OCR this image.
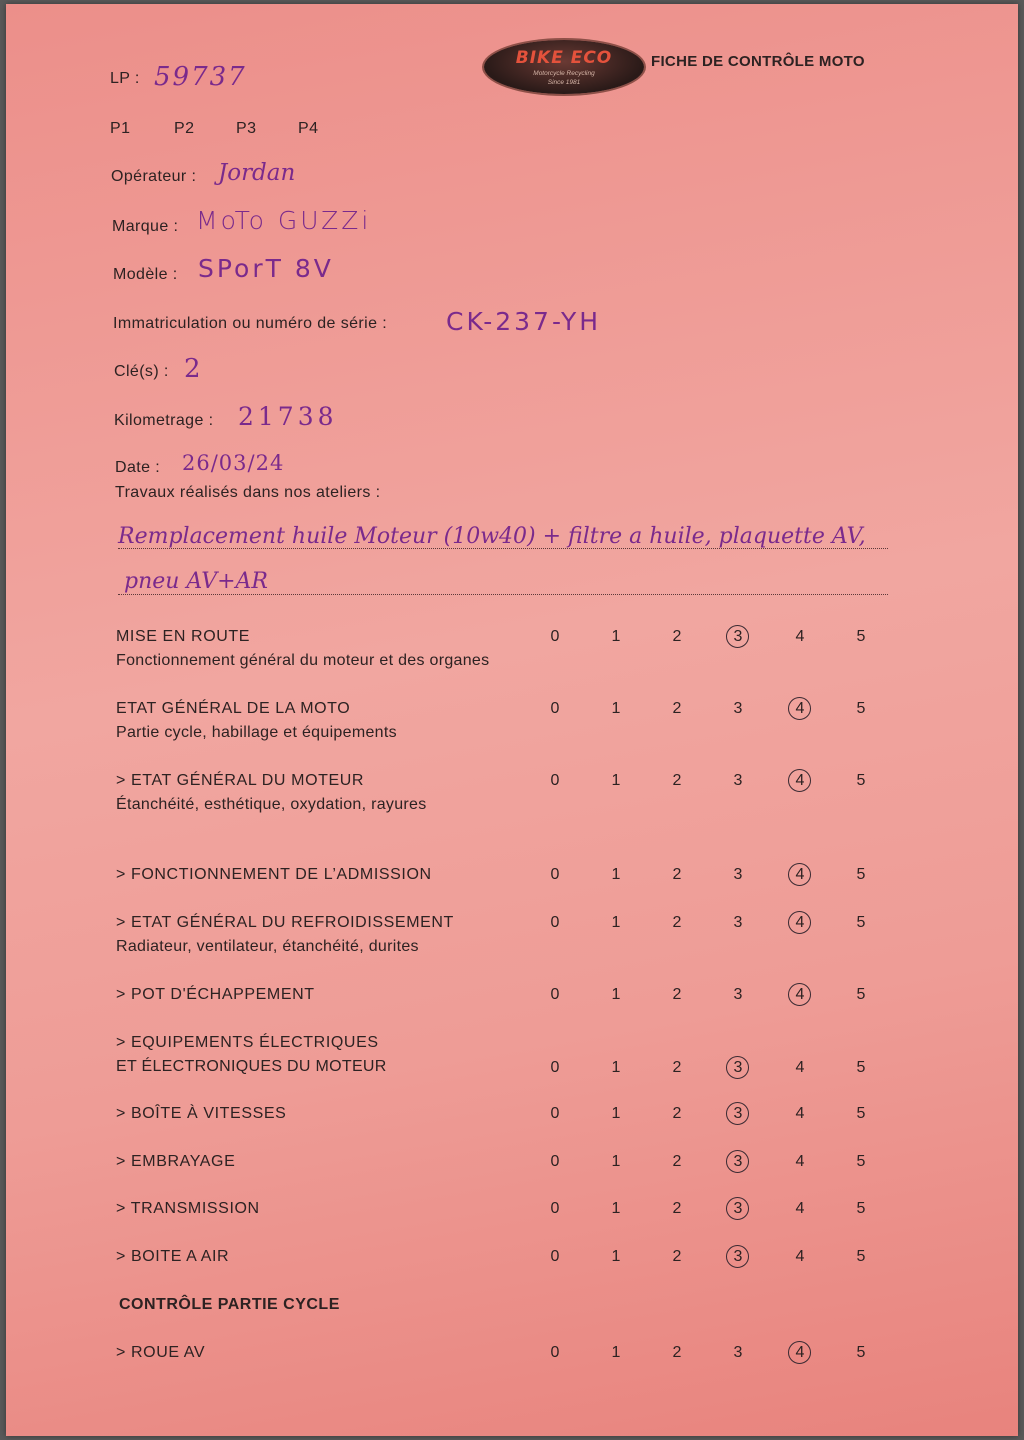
LP : 59737
P1	P2	P3	P4
BIKE ECO
Motorcycle Recycling
Since 1981
FICHE DE CONTRÔLE MOTO
Opérateur : Jordan
Marque : MoTo GUZZi
Modèle : SPorT 8V
Immatriculation ou numéro de série : CK-237-YH
Clé(s) : 2
Kilometrage : 21738
Date : 26/03/24
Travaux réalisés dans nos ateliers :
Remplacement huile Moteur (10w40) + filtre a huile, plaquette AV,
pneu AV+AR
MISE EN ROUTE
Fonctionnement général du moteur et des organes
0	1	2	3	4	5
ETAT GÉNÉRAL DE LA MOTO
Partie cycle, habillage et équipements
0	1	2	3	4	5
> ETAT GÉNÉRAL DU MOTEUR
Étanchéité, esthétique, oxydation, rayures
0	1	2	3	4	5
> FONCTIONNEMENT DE L’ADMISSION	0	1	2	3	4	5
> ETAT GÉNÉRAL DU REFROIDISSEMENT
Radiateur, ventilateur, étanchéité, durites
0	1	2	3	4	5
> POT D'ÉCHAPPEMENT	0	1	2	3	4	5
> EQUIPEMENTS ÉLECTRIQUES
ET ÉLECTRONIQUES DU MOTEUR	0	1	2	3	4	5
> BOÎTE À VITESSES	0	1	2	3	4	5
> EMBRAYAGE	0	1	2	3	4	5
> TRANSMISSION	0	1	2	3	4	5
> BOITE A AIR	0	1	2	3	4	5
CONTRÔLE PARTIE CYCLE
> ROUE AV	0	1	2	3	4	5
